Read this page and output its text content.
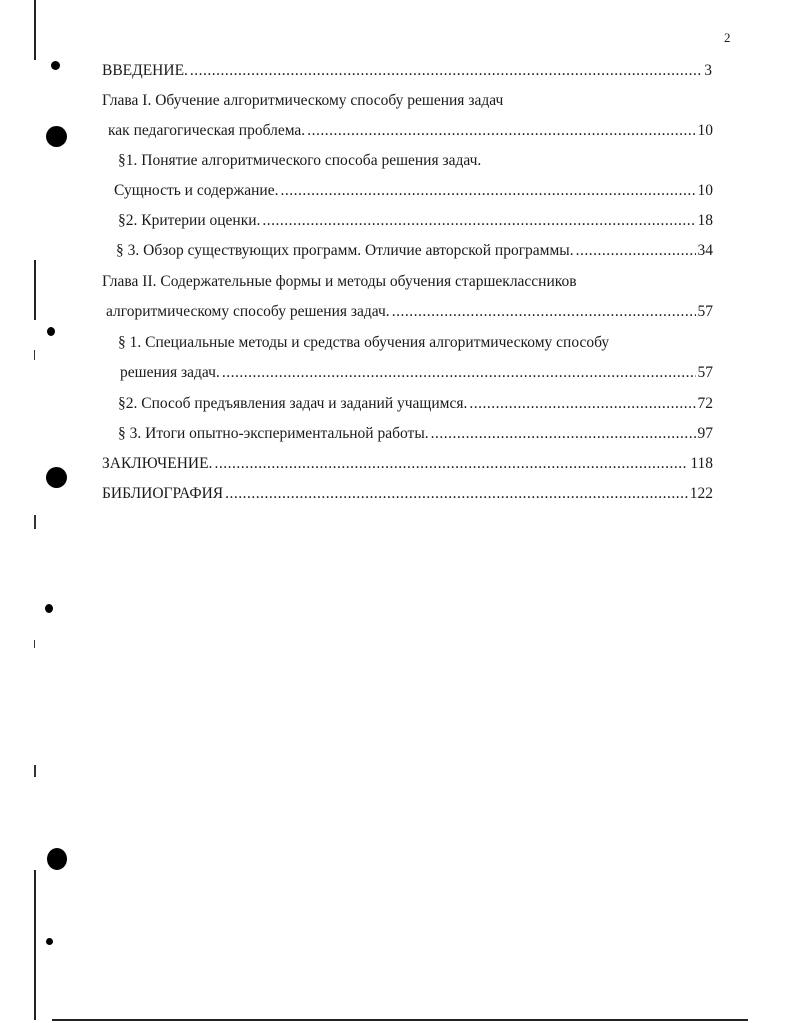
2
ВВЕДЕНИЕ. .....	3
Глава I. Обучение алгоритмическому способу решения задач
как педагогическая проблема. .....	10
§1. Понятие алгоритмического способа решения задач.
Сущность и содержание. .....	10
§2. Критерии оценки. .....	18
§ 3. Обзор существующих программ. Отличие авторской программы. .....	34
Глава II. Содержательные формы и методы обучения старшеклассников
алгоритмическому способу решения задач. .....	57
§ 1. Специальные методы и средства обучения алгоритмическому способу
решения задач. .....	57
§2. Способ предъявления задач и заданий учащимся. .....	72
§ 3. Итоги опытно-экспериментальной работы. .....	97
ЗАКЛЮЧЕНИЕ. .....	118
БИБЛИОГРАФИЯ .....	122
